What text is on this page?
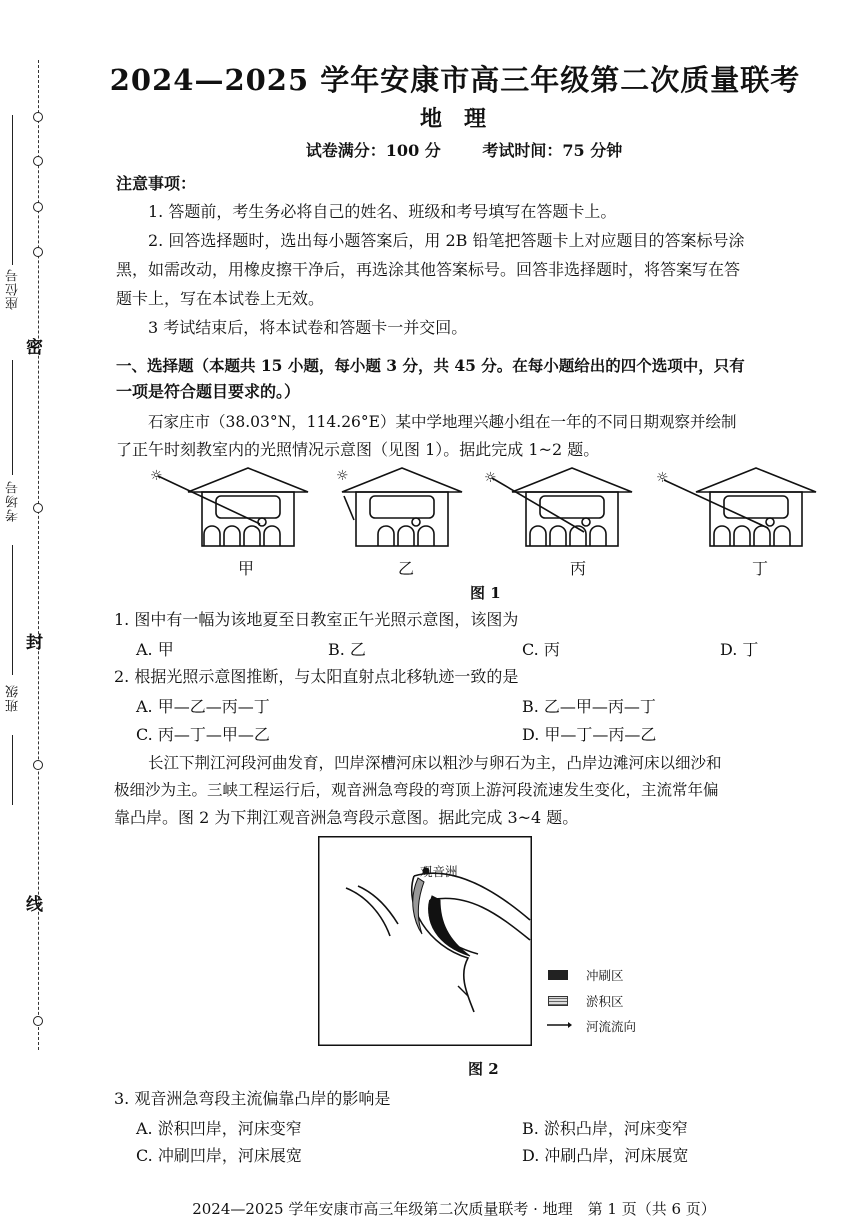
密
封
线
座位号
考场号
班级
2024—2025 学年安康市高三年级第二次质量联考
地理
试卷满分：100 分	考试时间：75 分钟
注意事项：
1. 答题前，考生务必将自己的姓名、班级和考号填写在答题卡上。
2. 回答选择题时，选出每小题答案后，用 2B 铅笔把答题卡上对应题目的答案标号涂
黑，如需改动，用橡皮擦干净后，再选涂其他答案标号。回答非选择题时，将答案写在答
题卡上，写在本试卷上无效。
3 考试结束后，将本试卷和答题卡一并交回。
一、选择题（本题共 15 小题，每小题 3 分，共 45 分。在每小题给出的四个选项中，只有
一项是符合题目要求的。）
石家庄市（38.03°N，114.26°E）某中学地理兴趣小组在一年的不同日期观察并绘制
了正午时刻教室内的光照情况示意图（见图 1）。据此完成 1~2 题。
☼	☼	☼	☼
甲	乙	丙	丁
图 1
1. 图中有一幅为该地夏至日教室正午光照示意图，该图为
A. 甲	B. 乙	C. 丙	D. 丁
2. 根据光照示意图推断，与太阳直射点北移轨迹一致的是
A. 甲—乙—丙—丁	B. 乙—甲—丙—丁
C. 丙—丁—甲—乙	D. 甲—丁—丙—乙
长江下荆江河段河曲发育，凹岸深槽河床以粗沙与卵石为主，凸岸边滩河床以细沙和
极细沙为主。三峡工程运行后，观音洲急弯段的弯顶上游河段流速发生变化，主流常年偏
靠凸岸。图 2 为下荆江观音洲急弯段示意图。据此完成 3~4 题。
观音洲
冲刷区
淤积区
河流流向
图 2
3. 观音洲急弯段主流偏靠凸岸的影响是
A. 淤积凹岸，河床变窄	B. 淤积凸岸，河床变窄
C. 冲刷凹岸，河床展宽	D. 冲刷凸岸，河床展宽
2024—2025 学年安康市高三年级第二次质量联考 · 地理　第 1 页（共 6 页）
